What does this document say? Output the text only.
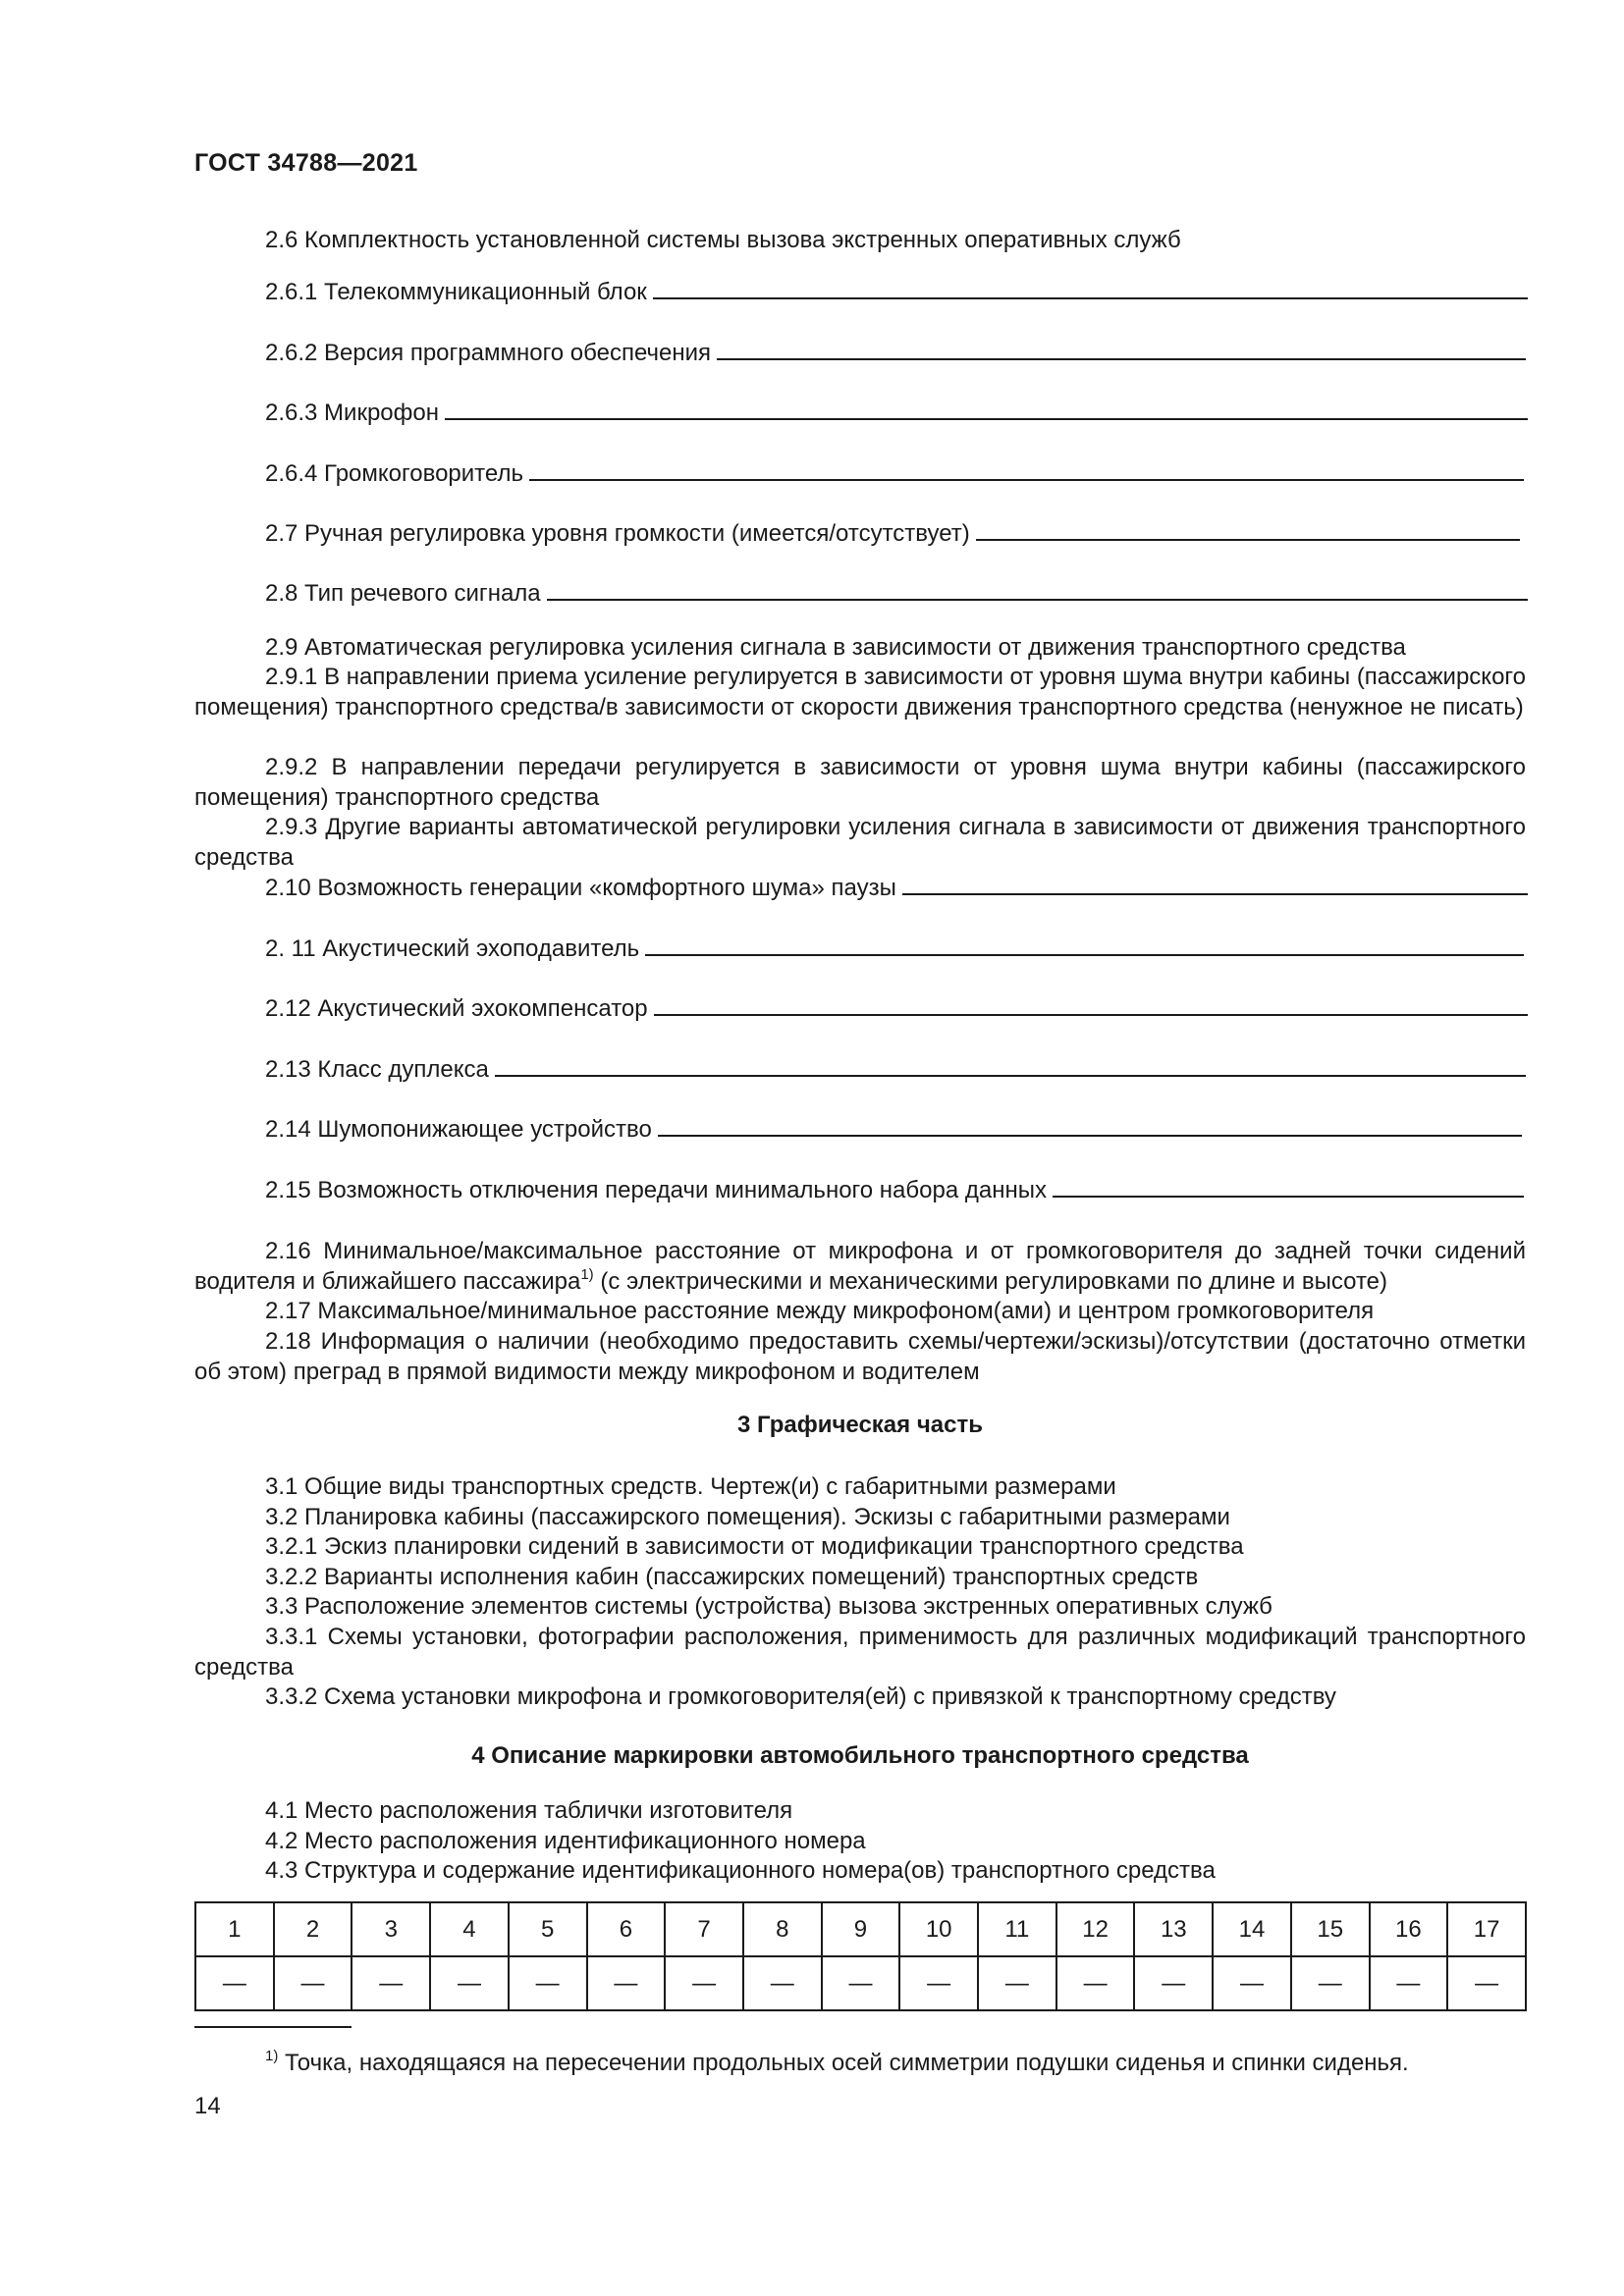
ГОСТ 34788—2021
2.6 Комплектность установленной системы вызова экстренных оперативных служб
2.6.1 Телекоммуникационный блок
2.6.2 Версия программного обеспечения
2.6.3 Микрофон
2.6.4 Громкоговоритель
2.7 Ручная регулировка уровня громкости (имеется/отсутствует)
2.8 Тип речевого сигнала
2.9 Автоматическая регулировка усиления сигнала в зависимости от движения транспортного средства
2.9.1 В направлении приема усиление регулируется в зависимости от уровня шума внутри кабины (пассажирского помещения) транспортного средства/в зависимости от скорости движения транспортного средства (ненужное не писать)
2.9.2 В направлении передачи регулируется в зависимости от уровня шума внутри кабины (пассажирского помещения) транспортного средства
2.9.3 Другие варианты автоматической регулировки усиления сигнала в зависимости от движения транспортного средства
2.10 Возможность генерации «комфортного шума» паузы
2. 11 Акустический эхоподавитель
2.12 Акустический эхокомпенсатор
2.13 Класс дуплекса
2.14 Шумопонижающее устройство
2.15 Возможность отключения передачи минимального набора данных
2.16 Минимальное/максимальное расстояние от микрофона и от громкоговорителя до задней точки сидений водителя и ближайшего пассажира$^{1)}$ (с электрическими и механическими регулировками по длине и высоте)
2.17 Максимальное/минимальное расстояние между микрофоном(ами) и центром громкоговорителя
2.18 Информация о наличии (необходимо предоставить схемы/чертежи/эскизы)/отсутствии (достаточно отметки об этом) преград в прямой видимости между микрофоном и водителем
3 Графическая часть
3.1 Общие виды транспортных средств. Чертеж(и) с габаритными размерами
3.2 Планировка кабины (пассажирского помещения). Эскизы с габаритными размерами
3.2.1 Эскиз планировки сидений в зависимости от модификации транспортного средства
3.2.2 Варианты исполнения кабин (пассажирских помещений) транспортных средств
3.3 Расположение элементов системы (устройства) вызова экстренных оперативных служб
3.3.1 Схемы установки, фотографии расположения, применимость для различных модификаций транспортного средства
3.3.2 Схема установки микрофона и громкоговорителя(ей) с привязкой к транспортному средству
4 Описание маркировки автомобильного транспортного средства
4.1 Место расположения таблички изготовителя
4.2 Место расположения идентификационного номера
4.3 Структура и содержание идентификационного номера(ов) транспортного средства
1	2	3	4	5	6	7	8	9	10	11	12	13	14	15	16	17
—	—	—	—	—	—	—	—	—	—	—	—	—	—	—	—	—
$^{1)}$ Точка, находящаяся на пересечении продольных осей симметрии подушки сиденья и спинки сиденья.
14
